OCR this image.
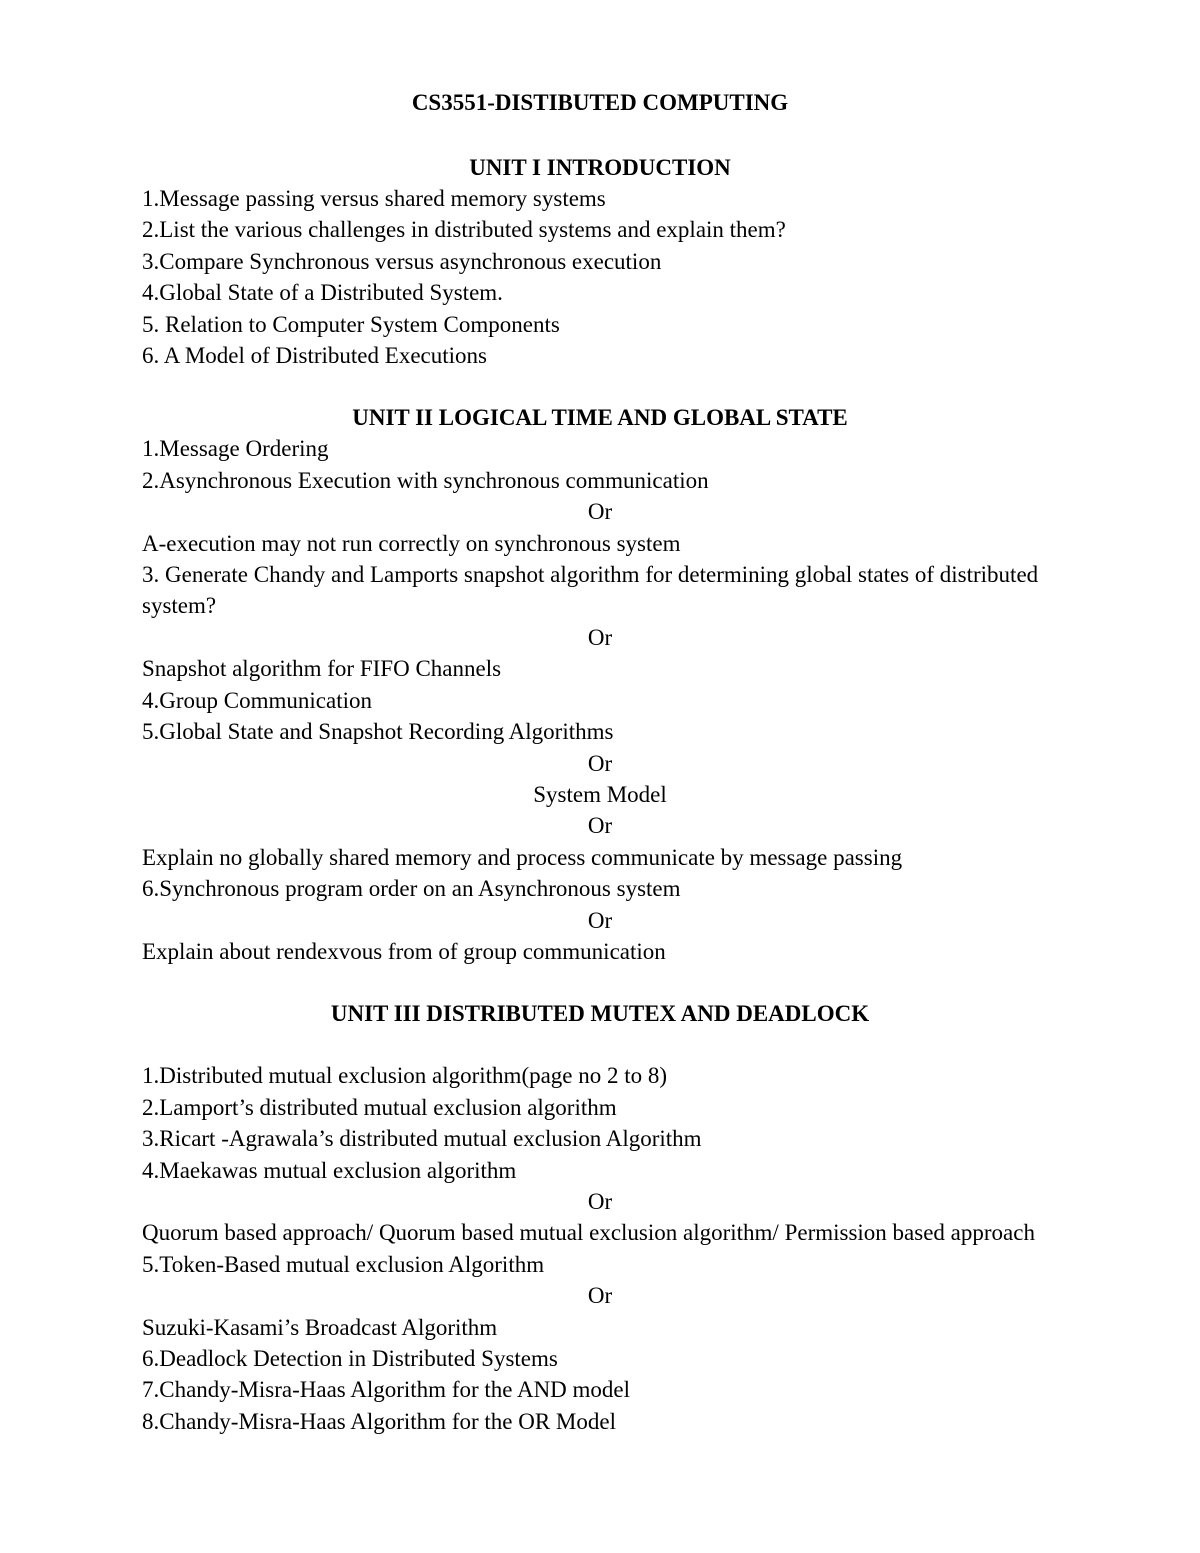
CS3551-DISTIBUTED COMPUTING
UNIT I INTRODUCTION
1.Message passing versus shared memory systems
2.List the various challenges in distributed systems and explain them?
3.Compare Synchronous versus asynchronous execution
4.Global State of a Distributed System.
5. Relation to Computer System Components
6. A Model of Distributed Executions
UNIT II LOGICAL TIME AND GLOBAL STATE
1.Message Ordering
2.Asynchronous Execution with synchronous communication
Or
A-execution may not run correctly on synchronous system
3. Generate Chandy and Lamports snapshot algorithm for determining global states of distributed system?
Or
Snapshot algorithm for FIFO Channels
4.Group Communication
5.Global State and Snapshot Recording Algorithms
Or
System Model
Or
Explain no globally shared memory and process communicate by message passing
6.Synchronous program order on an Asynchronous system
Or
Explain about rendexvous from of group communication
UNIT III DISTRIBUTED MUTEX AND DEADLOCK
1.Distributed mutual exclusion algorithm(page no 2 to 8)
2.Lamport’s distributed mutual exclusion algorithm
3.Ricart -Agrawala’s distributed mutual exclusion Algorithm
4.Maekawas mutual exclusion algorithm
Or
Quorum based approach/ Quorum based mutual exclusion algorithm/ Permission based approach
5.Token-Based mutual exclusion Algorithm
Or
Suzuki-Kasami’s Broadcast Algorithm
6.Deadlock Detection in Distributed Systems
7.Chandy-Misra-Haas Algorithm for the AND model
8.Chandy-Misra-Haas Algorithm for the OR Model
